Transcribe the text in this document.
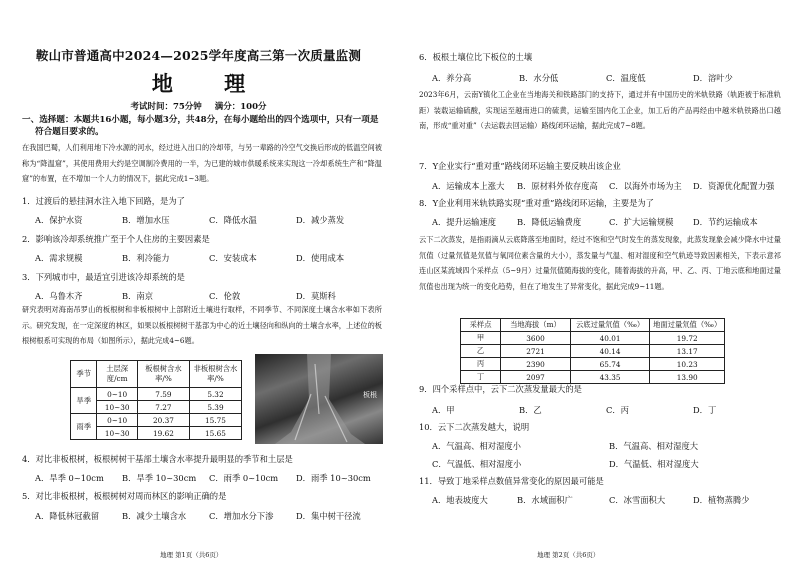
鞍山市普通高中2024—2025学年度高三第一次质量监测
地 理
考试时间：75分钟 满分：100分
一、选择题：本题共16小题，每小题3分，共48分，在每小题给出的四个选项中，只有一项是
符合题目要求的。
在我国巴蜀，人们利用地下冷水源的河水，经过进入出口的冷却带，与另一辈路的冷空气交换后形成的低温空间被称为“降温窟”，其使用费用大约是空调制冷费用的一半，为已建的城市供暖系统来实现这一冷却系统生产和“降温窟”的布置，在不增加一个人力的情况下，据此完成1~3题。
1．过渡后的悬挂洞水注入地下回路，是为了
A．保护水资	B．增加水压	C．降低水温	D．减少蒸发
2．影响该冷却系统推广至于个人住房的主要因素是
A．需求规模	B．利冷能力	C．安装成本	D．使用成本
3．下列城市中，最适宜引进该冷却系统的是
A．乌鲁木齐	B．南京	C．伦敦	D．莫斯科
研究表明对海南吊罗山的板根树和非板根树中上部附近土壤进行取样，不同季节、不同深度土壤含水率如下表所示。研究发现，在一定深度的林区，如果以板根树树干基部为中心的近土壤径向和纵向的土壤含水率，上述位的板根树根系可实现的布局（如图所示），据此完成4~6题。
季节	土层深度/cm	板根树含水率/%	非板根树含水率/%
旱季	0~10	7.59	5.32
	10~30	7.27	5.39
雨季	0~10	20.37	15.75
	10~30	19.62	15.65
板根
4．对比非板根树，板根树树干基部土壤含水率提升最明显的季节和土层是
A．旱季 0~10cm B．旱季 10~30cm C．雨季 0~10cm D．雨季 10~30cm
5．对比非板根树，板根树树对周而林区的影响正确的是
A．降低林冠截留	B．减少土壤含水	C．增加水分下渗	D．集中树干径流
地理 第1页（共6页）
6．板根土壤位比下板位的土壤
A．养分高	B．水分低	C．温度低	D．溶叶少
2023年6月，云南Y镇化工企业在当地海关和铁路部门的支持下，通过并有中国历史的米轨铁路（轨距被于标准轨距）装载运输硫酸，实现运至越南进口的硫黄，运输至国内化工企业，加工后的产品再经由中越米轨铁路出口越南，形成“重对重”（去运载去回运输）路线闭环运输，据此完成7~8题。
7．Y企业实行“重对重”路线闭环运输主要反映出该企业
A．运输成本上涨大 B．原材料外依存度高 C．以海外市场为主 D．资源优化配置力强
8．Y企业利用米轨铁路实现“重对重”路线闭环运输，主要是为了
A．提升运输速度	B．降低运输费度	C．扩大运输规模 D．节约运输成本
云下二次蒸发，是指雨滴从云底降落至地面时，经过不饱和空气时发生的蒸发现象，此蒸发现象会减少降水中过量氘值（过量氘值是氘值与氧同位素含量的大小），蒸发量与气温、相对湿度和空气轨迹导致因素相关，下表示意祁连山区某流域四个采样点（5~9月）过量氘值随海拔的变化，随着海拔的升高，甲、乙、丙、丁地云底和地面过量氘值也出现为统一的变化趋势，但在了地发生了异常变化，据此完成9~11题。
采样点	当地海拔（m）	云底过量氘值（‰）	地面过量氘值（‰）
甲	3600	40.01	19.72
乙	2721	40.14	13.17
丙	2390	65.74	10.23
丁	2097	43.35	13.90
9．四个采样点中，云下二次蒸发量最大的是
A．甲	B．乙	C．丙	D．丁
10．云下二次蒸发越大，说明
A．气温高、相对湿度小	B．气温高、相对湿度大
C．气温低、相对湿度小	D．气温低、相对湿度大
11．导致丁地采样点数值异常变化的原因最可能是
A．地表坡度大	B．水域面积广	C．冰雪面积大	D．植物蒸腾少
地理 第2页（共6页）
